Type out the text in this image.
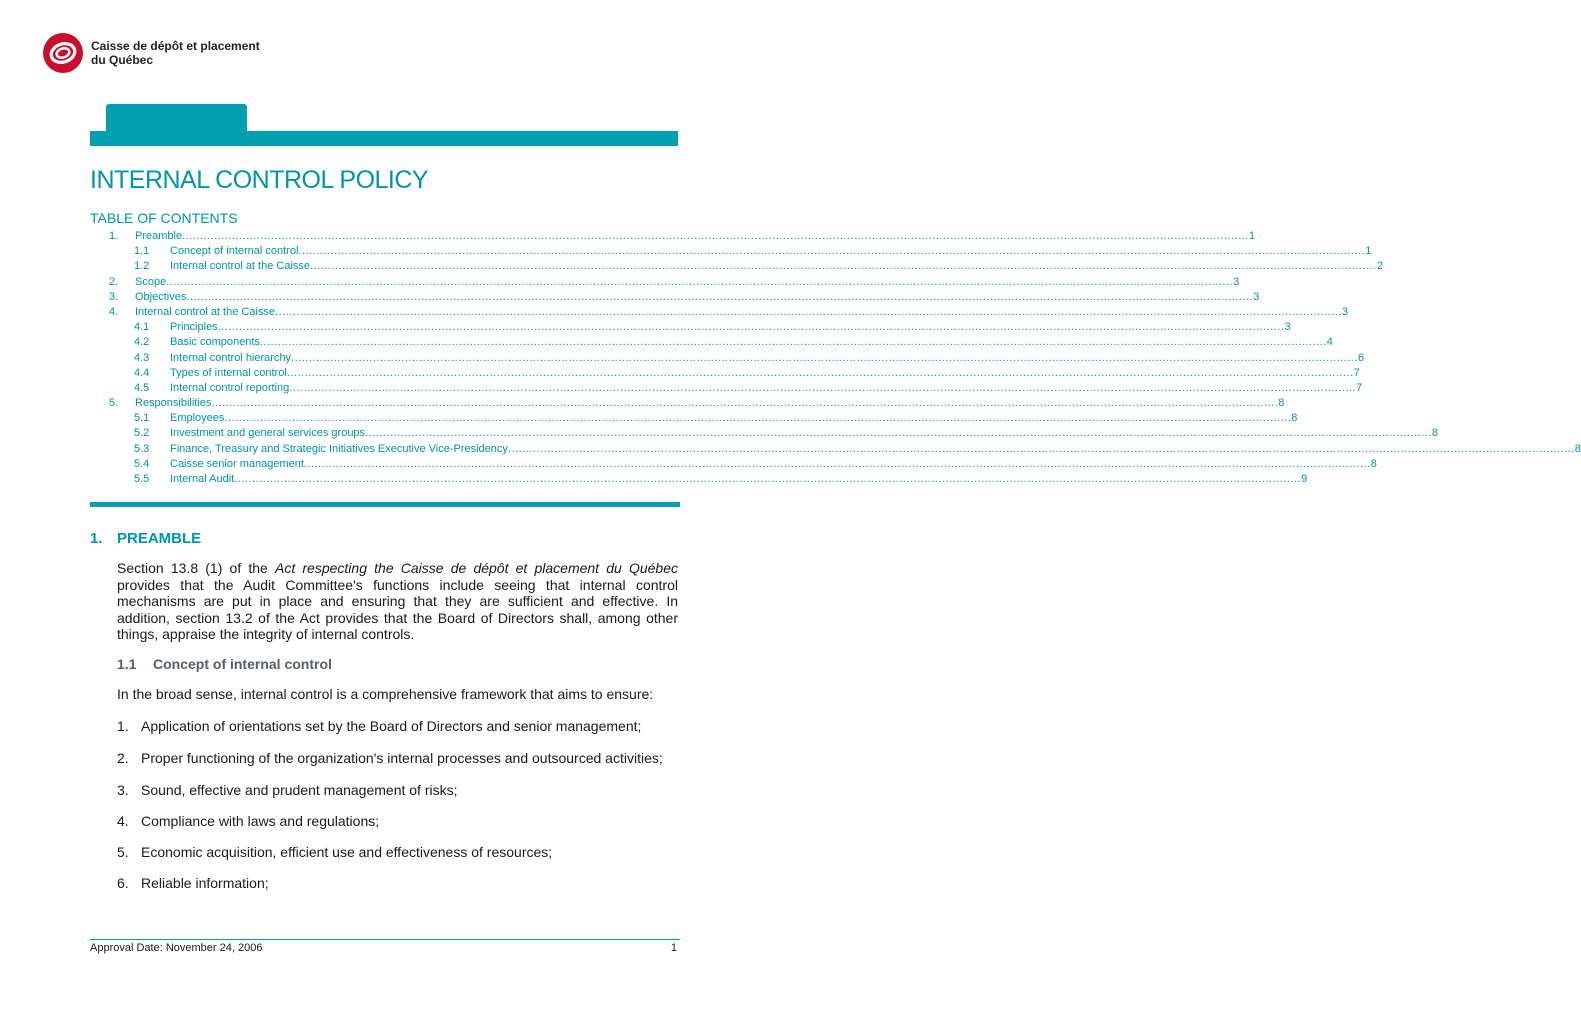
Caisse de dépôt et placement
du Québec
INTERNAL CONTROL POLICY
TABLE OF CONTENTS
1. Preamble ............................................................................................................................................................................................................................................................................................................ 1
1.1 Concept of internal control ............................................................................................................................................................................................................................................................................................................ 1
1.2 Internal control at the Caisse ............................................................................................................................................................................................................................................................................................................ 2
2. Scope ............................................................................................................................................................................................................................................................................................................ 3
3. Objectives ............................................................................................................................................................................................................................................................................................................ 3
4. Internal control at the Caisse ............................................................................................................................................................................................................................................................................................................ 3
4.1 Principles ............................................................................................................................................................................................................................................................................................................ 3
4.2 Basic components ............................................................................................................................................................................................................................................................................................................ 4
4.3 Internal control hierarchy ............................................................................................................................................................................................................................................................................................................ 6
4.4 Types of internal control ............................................................................................................................................................................................................................................................................................................ 7
4.5 Internal control reporting ............................................................................................................................................................................................................................................................................................................ 7
5. Responsibilities ............................................................................................................................................................................................................................................................................................................ 8
5.1 Employees ............................................................................................................................................................................................................................................................................................................ 8
5.2 Investment and general services groups ............................................................................................................................................................................................................................................................................................................ 8
5.3 Finance, Treasury and Strategic Initiatives Executive Vice-Presidency ............................................................................................................................................................................................................................................................................................................ 8
5.4 Caisse senior management ............................................................................................................................................................................................................................................................................................................ 8
5.5 Internal Audit ............................................................................................................................................................................................................................................................................................................ 9
1. PREAMBLE
Section 13.8 (1) of the Act respecting the Caisse de dépôt et placement du Québec provides that the Audit Committee's functions include seeing that internal control mechanisms are put in place and ensuring that they are sufficient and effective. In addition, section 13.2 of the Act provides that the Board of Directors shall, among other things, appraise the integrity of internal controls.
1.1 Concept of internal control
In the broad sense, internal control is a comprehensive framework that aims to ensure:
1. Application of orientations set by the Board of Directors and senior management;
2. Proper functioning of the organization's internal processes and outsourced activities;
3. Sound, effective and prudent management of risks;
4. Compliance with laws and regulations;
5. Economic acquisition, efficient use and effectiveness of resources;
6. Reliable information;
Approval Date: November 24, 2006	1
